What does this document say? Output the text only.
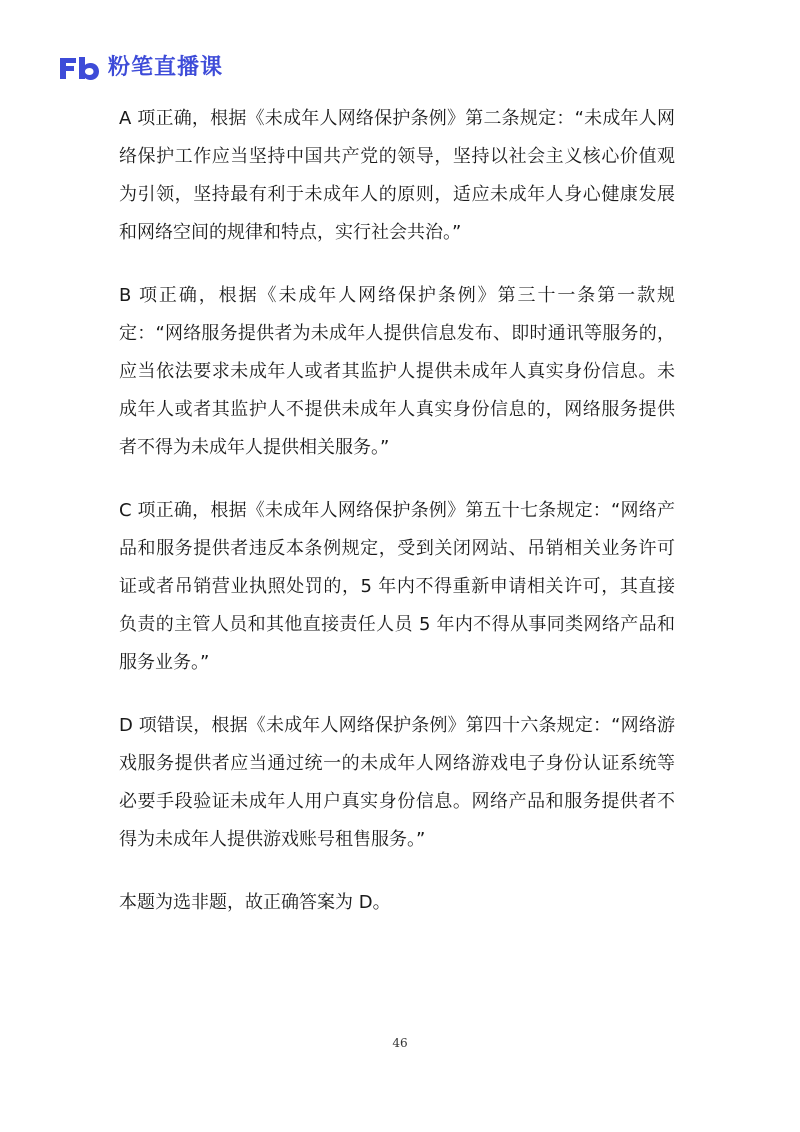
粉笔直播课

A 项正确，根据《未成年人网络保护条例》第二条规定：“未成年人网络保护工作应当坚持中国共产党的领导，坚持以社会主义核心价值观为引领，坚持最有利于未成年人的原则，适应未成年人身心健康发展和网络空间的规律和特点，实行社会共治。”

B 项正确，根据《未成年人网络保护条例》第三十一条第一款规定：“网络服务提供者为未成年人提供信息发布、即时通讯等服务的，应当依法要求未成年人或者其监护人提供未成年人真实身份信息。未成年人或者其监护人不提供未成年人真实身份信息的，网络服务提供者不得为未成年人提供相关服务。”

C 项正确，根据《未成年人网络保护条例》第五十七条规定：“网络产品和服务提供者违反本条例规定，受到关闭网站、吊销相关业务许可证或者吊销营业执照处罚的，5 年内不得重新申请相关许可，其直接负责的主管人员和其他直接责任人员 5 年内不得从事同类网络产品和服务业务。”

D 项错误，根据《未成年人网络保护条例》第四十六条规定：“网络游戏服务提供者应当通过统一的未成年人网络游戏电子身份认证系统等必要手段验证未成年人用户真实身份信息。网络产品和服务提供者不得为未成年人提供游戏账号租售服务。”

本题为选非题，故正确答案为 D。

46
